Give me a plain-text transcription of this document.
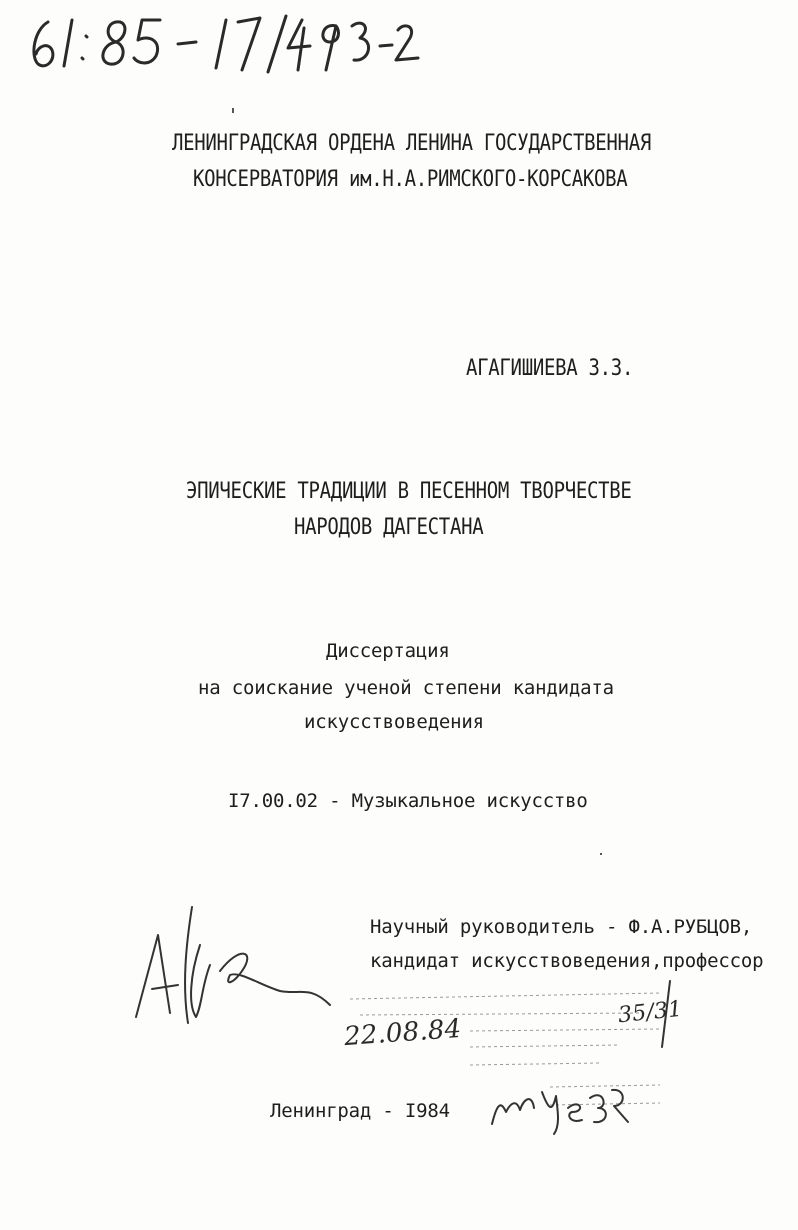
ЛЕНИНГРАДСКАЯ ОРДЕНА ЛЕНИНА ГОСУДАРСТВЕННАЯ
КОНСЕРВАТОРИЯ им.Н.А.РИМСКОГО-КОРСАКОВА
АГАГИШИЕВА З.З.
ЭПИЧЕСКИЕ ТРАДИЦИИ В ПЕСЕННОМ ТВОРЧЕСТВЕ
НАРОДОВ ДАГЕСТАНА
Диссертация
на соискание ученой степени кандидата
искусствоведения
I7.00.02 - Музыкальное искусство
Научный руководитель - Ф.А.РУБЦОВ,
кандидат искусствоведения,профессор
22.08.84
35/31
Ленинград - I984
